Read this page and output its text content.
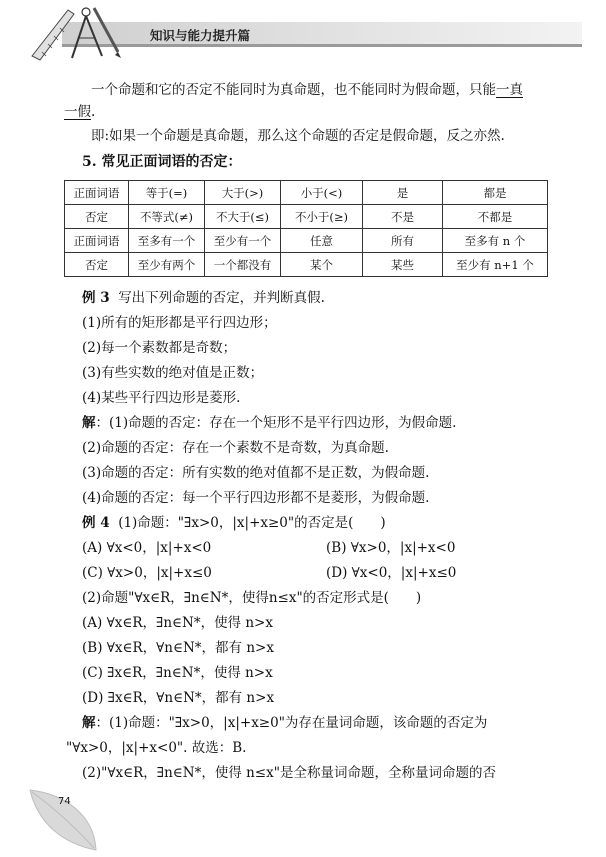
知识与能力提升篇

一个命题和它的否定不能同时为真命题，也不能同时为假命题，只能一真

一假.

即:如果一个命题是真命题，那么这个命题的否定是假命题，反之亦然.

5. 常见正面词语的否定：
正面词语	等于(=)	大于(>)	小于(<)	是	都是
否定	不等式(≠)	不大于(≤)	不小于(≥)	不是	不都是
正面词语	至多有一个	至少有一个	任意	所有	至多有 n 个
否定	至少有两个	一个都没有	某个	某些	至少有 n+1 个
例 3 写出下列命题的否定，并判断真假.
(1)所有的矩形都是平行四边形；
(2)每一个素数都是奇数；
(3)有些实数的绝对值是正数；
(4)某些平行四边形是菱形.
解：(1)命题的否定：存在一个矩形不是平行四边形，为假命题.
(2)命题的否定：存在一个素数不是奇数，为真命题.
(3)命题的否定：所有实数的绝对值都不是正数，为假命题.
(4)命题的否定：每一个平行四边形都不是菱形，为假命题.
例 4 (1)命题："∃x>0，|x|+x≥0"的否定是(　　)
(A) ∀x<0，|x|+x<0	(B) ∀x>0，|x|+x<0
(C) ∀x>0，|x|+x≤0	(D) ∀x<0，|x|+x≤0
(2)命题"∀x∈R，∃n∈N*，使得n≤x"的否定形式是(　　)
(A) ∀x∈R，∃n∈N*，使得 n>x
(B) ∀x∈R，∀n∈N*，都有 n>x
(C) ∃x∈R，∃n∈N*，使得 n>x
(D) ∃x∈R，∀n∈N*，都有 n>x
解：(1)命题："∃x>0，|x|+x≥0"为存在量词命题，该命题的否定为
"∀x>0，|x|+x<0". 故选：B.
(2)"∀x∈R，∃n∈N*，使得 n≤x"是全称量词命题，全称量词命题的否
74
